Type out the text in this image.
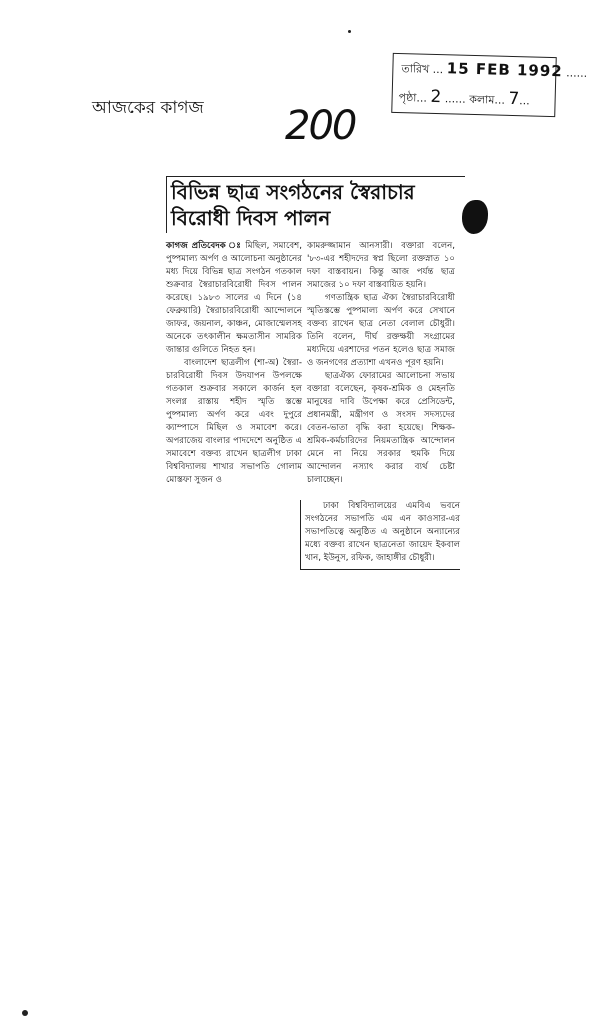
তারিখ ... 15 FEB 1992 ......
পৃষ্ঠা... 2 ...... কলাম... 7...
আজকের কাগজ 200
বিভিন্ন ছাত্র সংগঠনের স্বৈরাচার
বিরোধী দিবস পালন

কাগজ প্রতিবেদক ঃ মিছিল, সমাবেশ, পুষ্পমাল্য অর্পণ ও আলোচনা অনুষ্ঠানের মধ্য দিয়ে বিভিন্ন ছাত্র সংগঠন গতকাল শুক্রবার স্বৈরাচারবিরোধী দিবস পালন করেছে। ১৯৮৩ সালের এ দিনে (১৪ ফেব্রুয়ারি) স্বৈরাচারবিরোধী আন্দোলনে জাফর, জয়নাল, কাঞ্চন, মোজাম্মেলসহ অনেকে তৎকালীন ক্ষমতাসীন সামরিক জান্তার গুলিতে নিহত হন।

বাংলাদেশ ছাত্রলীগ (শা-অ) স্বৈরা-চারবিরোধী দিবস উদযাপন উপলক্ষে গতকাল শুক্রবার সকালে কার্জন হল সংলগ্ন রাস্তায় শহীদ স্মৃতি স্তম্ভে পুষ্পমাল্য অর্পণ করে এবং দুপুরে ক্যাম্পাসে মিছিল ও সমাবেশ করে। অপরাজেয় বাংলার পাদদেশে অনুষ্ঠিত এ সমাবেশে বক্তব্য রাখেন ছাত্রলীগ ঢাকা বিশ্ববিদ্যালয় শাখার সভাপতি গোলাম মোস্তফা সুজন ও

কামরুজ্জামান আনসারী। বক্তারা বলেন, '৮৩-এর শহীদদের স্বপ্ন ছিলো রক্তস্নাত ১০ দফা বাস্তবায়ন। কিন্তু আজ পর্যন্ত ছাত্র সমাজের ১০ দফা বাস্তবায়িত হয়নি।

গণতান্ত্রিক ছাত্র ঐক্য স্বৈরাচারবিরোধী স্মৃতিস্তম্ভে পুষ্পমাল্য অর্পণ করে সেখানে বক্তব্য রাখেন ছাত্র নেতা বেলাল চৌধুরী। তিনি বলেন, দীর্ঘ রক্তক্ষয়ী সংগ্রামের মধ্যদিয়ে এরশাদের পতন হলেও ছাত্র সমাজ ও জনগণের প্রত্যাশা এখনও পূরণ হয়নি।

ছাত্রঐক্য ফোরামের আলোচনা সভায় বক্তারা বলেছেন, কৃষক-শ্রমিক ও মেহনতি মানুষের দাবি উপেক্ষা করে প্রেসিডেন্ট, প্রধানমন্ত্রী, মন্ত্রীগণ ও সংসদ সদস্যদের বেতন-ভাতা বৃদ্ধি করা হয়েছে। শিক্ষক-শ্রমিক-কর্মচারিদের নিয়মতান্ত্রিক আন্দোলন মেনে না নিয়ে সরকার হুমকি দিয়ে আন্দোলন নস্যাৎ করার ব্যর্থ চেষ্টা চালাচ্ছেন।

ঢাকা বিশ্ববিদ্যালয়ের এমবিএ ভবনে সংগঠনের সভাপতি এম এন কাওসার-এর সভাপতিত্বে অনুষ্ঠিত এ অনুষ্ঠানে অন্যান্যের মধ্যে বক্তব্য রাখেন ছাত্রনেতা জায়েদ ইকবাল খান, ইউনুস, রফিক, জাহাঙ্গীর চৌধুরী।
